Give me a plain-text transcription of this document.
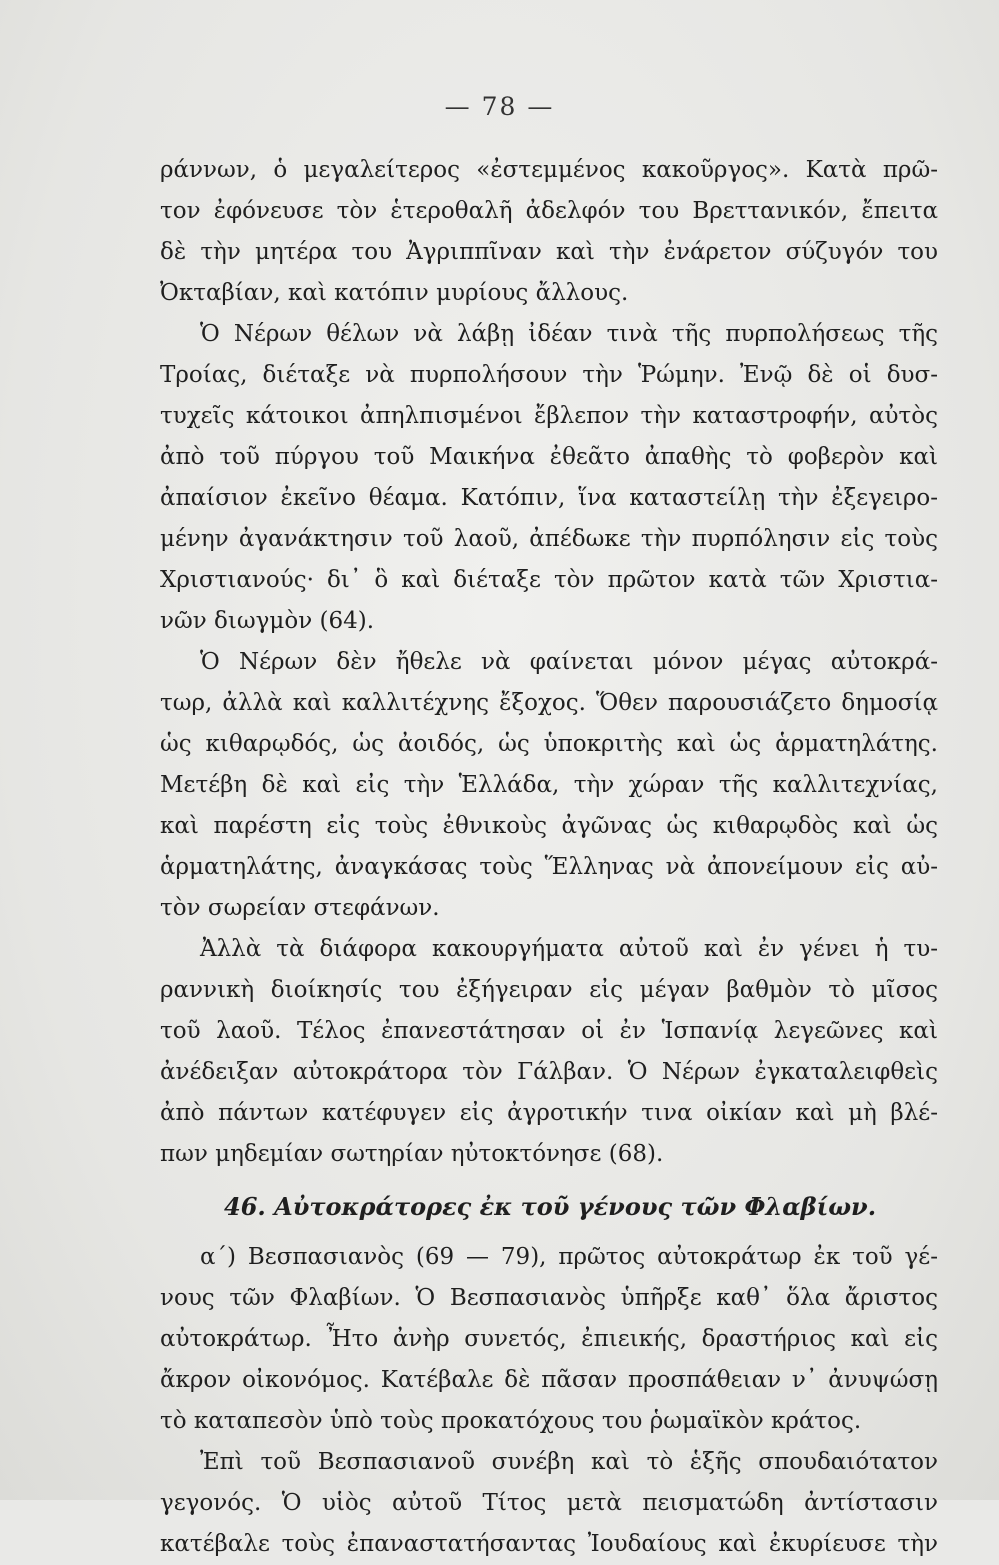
— 78 —
ράννων, ὁ μεγαλείτερος «ἐστεμμένος κακοῦργος». Κατὰ πρῶ-
τον ἐφόνευσε τὸν ἑτεροθαλῆ ἀδελφόν του Βρεττανικόν, ἔπειτα
δὲ τὴν μητέρα του Ἀγριππῖναν καὶ τὴν ἐνάρετον σύζυγόν του
Ὀκταβίαν, καὶ κατόπιν μυρίους ἄλλους.
Ὁ Νέρων θέλων νὰ λάβῃ ἰδέαν τινὰ τῆς πυρπολήσεως τῆς
Τροίας, διέταξε νὰ πυρπολήσουν τὴν Ῥώμην. Ἐνῷ δὲ οἱ δυσ-
τυχεῖς κάτοικοι ἀπηλπισμένοι ἔβλεπον τὴν καταστροφήν, αὐτὸς
ἀπὸ τοῦ πύργου τοῦ Μαικήνα ἐθεᾶτο ἀπαθὴς τὸ φοβερὸν καὶ
ἀπαίσιον ἐκεῖνο θέαμα. Κατόπιν, ἵνα καταστείλῃ τὴν ἐξεγειρο-
μένην ἀγανάκτησιν τοῦ λαοῦ, ἀπέδωκε τὴν πυρπόλησιν εἰς τοὺς
Χριστιανούς· δι᾽ ὃ καὶ διέταξε τὸν πρῶτον κατὰ τῶν Χριστια-
νῶν διωγμὸν (64).
Ὁ Νέρων δὲν ἤθελε νὰ φαίνεται μόνον μέγας αὐτοκρά-
τωρ, ἀλλὰ καὶ καλλιτέχνης ἔξοχος. Ὅθεν παρουσιάζετο δημοσίᾳ
ὡς κιθαρῳδός, ὡς ἀοιδός, ὡς ὑποκριτὴς καὶ ὡς ἁρματηλάτης.
Μετέβη δὲ καὶ εἰς τὴν Ἑλλάδα, τὴν χώραν τῆς καλλιτεχνίας,
καὶ παρέστη εἰς τοὺς ἐθνικοὺς ἀγῶνας ὡς κιθαρῳδὸς καὶ ὡς
ἁρματηλάτης, ἀναγκάσας τοὺς Ἕλληνας νὰ ἀπονείμουν εἰς αὐ-
τὸν σωρείαν στεφάνων.
Ἀλλὰ τὰ διάφορα κακουργήματα αὐτοῦ καὶ ἐν γένει ἡ τυ-
ραννικὴ διοίκησίς του ἐξήγειραν εἰς μέγαν βαθμὸν τὸ μῖσος
τοῦ λαοῦ. Τέλος ἐπανεστάτησαν οἱ ἐν Ἱσπανίᾳ λεγεῶνες καὶ
ἀνέδειξαν αὐτοκράτορα τὸν Γάλβαν. Ὁ Νέρων ἐγκαταλειφθεὶς
ἀπὸ πάντων κατέφυγεν εἰς ἀγροτικήν τινα οἰκίαν καὶ μὴ βλέ-
πων μηδεμίαν σωτηρίαν ηὐτοκτόνησε (68).
46. Αὐτοκράτορες ἐκ τοῦ γένους τῶν Φλαβίων.
α΄) Βεσπασιανὸς (69 — 79), πρῶτος αὐτοκράτωρ ἐκ τοῦ γέ-
νους τῶν Φλαβίων. Ὁ Βεσπασιανὸς ὑπῆρξε καθ᾽ ὅλα ἄριστος
αὐτοκράτωρ. Ἦτο ἀνὴρ συνετός, ἐπιεικής, δραστήριος καὶ εἰς
ἄκρον οἰκονόμος. Κατέβαλε δὲ πᾶσαν προσπάθειαν ν᾽ ἀνυψώσῃ
τὸ καταπεσὸν ὑπὸ τοὺς προκατόχους του ῥωμαϊκὸν κράτος.
Ἐπὶ τοῦ Βεσπασιανοῦ συνέβη καὶ τὸ ἑξῆς σπουδαιότατον
γεγονός. Ὁ υἱὸς αὐτοῦ Τίτος μετὰ πεισματώδη ἀντίστασιν
κατέβαλε τοὺς ἐπαναστατήσαντας Ἰουδαίους καὶ ἐκυρίευσε τὴν
